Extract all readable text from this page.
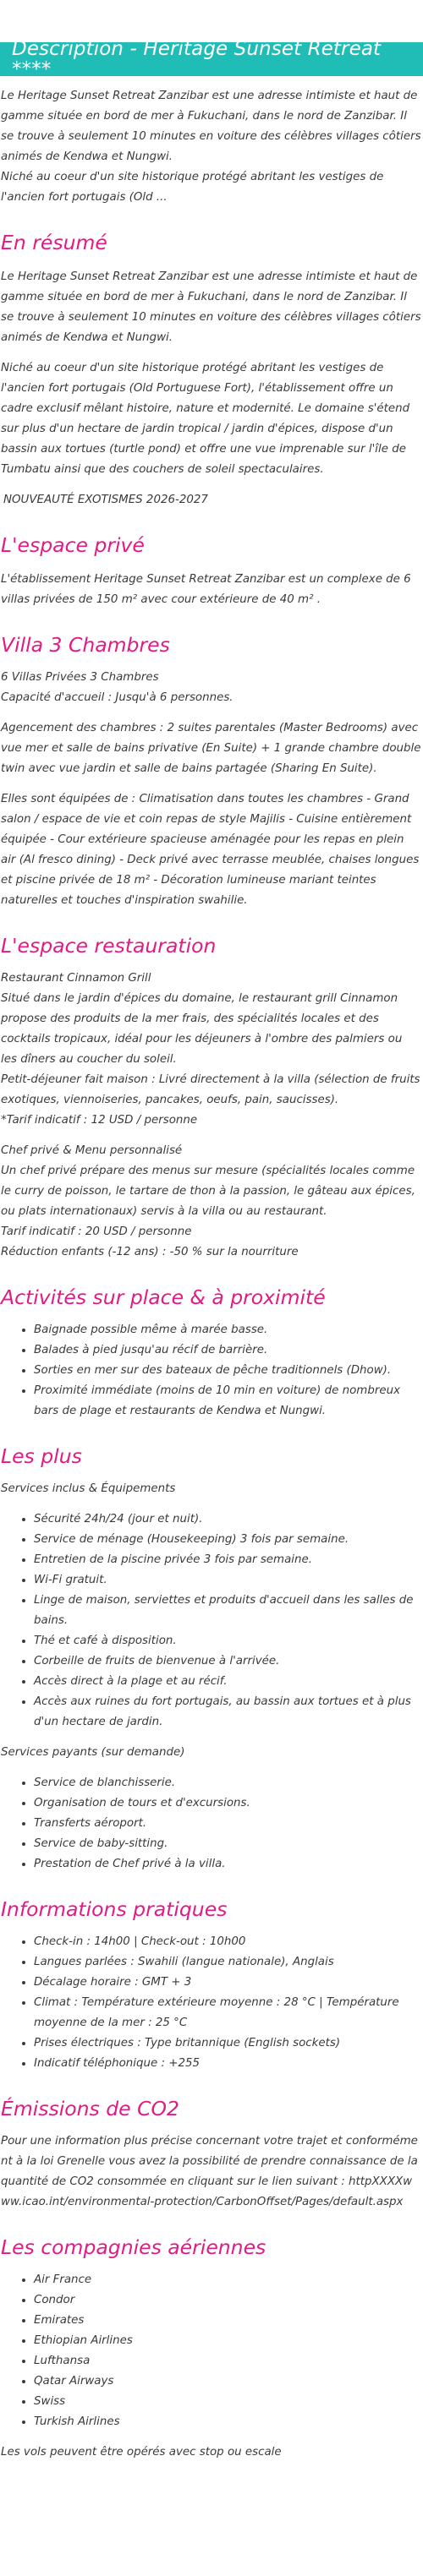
Description - Heritage Sunset Retreat ****

Le Heritage Sunset Retreat Zanzibar est une adresse intimiste et haut de gamme située en bord de mer à Fukuchani, dans le nord de Zanzibar. Il se trouve à seulement 10 minutes en voiture des célèbres villages côtiers animés de Kendwa et Nungwi.

Niché au coeur d'un site historique protégé abritant les vestiges de l'ancien fort portugais (Old ...

En résumé

Le Heritage Sunset Retreat Zanzibar est une adresse intimiste et haut de gamme située en bord de mer à Fukuchani, dans le nord de Zanzibar. Il se trouve à seulement 10 minutes en voiture des célèbres villages côtiers animés de Kendwa et Nungwi.

Niché au coeur d'un site historique protégé abritant les vestiges de l'ancien fort portugais (Old Portuguese Fort), l'établissement offre un cadre exclusif mêlant histoire, nature et modernité. Le domaine s'étend sur plus d'un hectare de jardin tropical / jardin d'épices, dispose d'un bassin aux tortues (turtle pond) et offre une vue imprenable sur l'île de Tumbatu ainsi que des couchers de soleil spectaculaires.

NOUVEAUTÉ EXOTISMES 2026-2027

L'espace privé

L'établissement Heritage Sunset Retreat Zanzibar est un complexe de 6 villas privées de 150 m² avec cour extérieure de 40 m² .

Villa 3 Chambres

6 Villas Privées 3 Chambres

Capacité d'accueil : Jusqu'à 6 personnes.

Agencement des chambres : 2 suites parentales (Master Bedrooms) avec vue mer et salle de bains privative (En Suite) + 1 grande chambre double twin avec vue jardin et salle de bains partagée (Sharing En Suite).

Elles sont équipées de : Climatisation dans toutes les chambres - Grand salon / espace de vie et coin repas de style Majilis - Cuisine entièrement équipée - Cour extérieure spacieuse aménagée pour les repas en plein air (Al fresco dining) - Deck privé avec terrasse meublée, chaises longues et piscine privée de 18 m² - Décoration lumineuse mariant teintes naturelles et touches d'inspiration swahilie.

L'espace restauration

Restaurant Cinnamon Grill

Situé dans le jardin d'épices du domaine, le restaurant grill Cinnamon propose des produits de la mer frais, des spécialités locales et des cocktails tropicaux, idéal pour les déjeuners à l'ombre des palmiers ou les dîners au coucher du soleil.

Petit-déjeuner fait maison : Livré directement à la villa (sélection de fruits exotiques, viennoiseries, pancakes, oeufs, pain, saucisses).

*Tarif indicatif : 12 USD / personne

Chef privé & Menu personnalisé

Un chef privé prépare des menus sur mesure (spécialités locales comme le curry de poisson, le tartare de thon à la passion, le gâteau aux épices, ou plats internationaux) servis à la villa ou au restaurant.

Tarif indicatif : 20 USD / personne

Réduction enfants (-12 ans) : -50 % sur la nourriture

Activités sur place & à proximité
• Baignade possible même à marée basse.
• Balades à pied jusqu'au récif de barrière.
• Sorties en mer sur des bateaux de pêche traditionnels (Dhow).
• Proximité immédiate (moins de 10 min en voiture) de nombreux bars de plage et restaurants de Kendwa et Nungwi.
Les plus

Services inclus & Équipements

• Sécurité 24h/24 (jour et nuit).
• Service de ménage (Housekeeping) 3 fois par semaine.
• Entretien de la piscine privée 3 fois par semaine.
• Wi-Fi gratuit.
• Linge de maison, serviettes et produits d'accueil dans les salles de bains.
• Thé et café à disposition.
• Corbeille de fruits de bienvenue à l'arrivée.
• Accès direct à la plage et au récif.
• Accès aux ruines du fort portugais, au bassin aux tortues et à plus d'un hectare de jardin.

Services payants (sur demande)

• Service de blanchisserie.
• Organisation de tours et d'excursions.
• Transferts aéroport.
• Service de baby-sitting.
• Prestation de Chef privé à la villa.
Informations pratiques
• Check-in : 14h00 | Check-out : 10h00
• Langues parlées : Swahili (langue nationale), Anglais
• Décalage horaire : GMT + 3
• Climat : Température extérieure moyenne : 28 °C | Température moyenne de la mer : 25 °C
• Prises électriques : Type britannique (English sockets)
• Indicatif téléphonique : +255
Émissions de CO2

Pour une information plus précise concernant votre trajet et conformément à la loi Grenelle vous avez la possibilité de prendre connaissance de la quantité de CO2 consommée en cliquant sur le lien suivant : httpXXXXwww.icao.int/environmental-protection/CarbonOffset/Pages/default.aspx

Les compagnies aériennes
• Air France
• Condor
• Emirates
• Ethiopian Airlines
• Lufthansa
• Qatar Airways
• Swiss
• Turkish Airlines

Les vols peuvent être opérés avec stop ou escale
